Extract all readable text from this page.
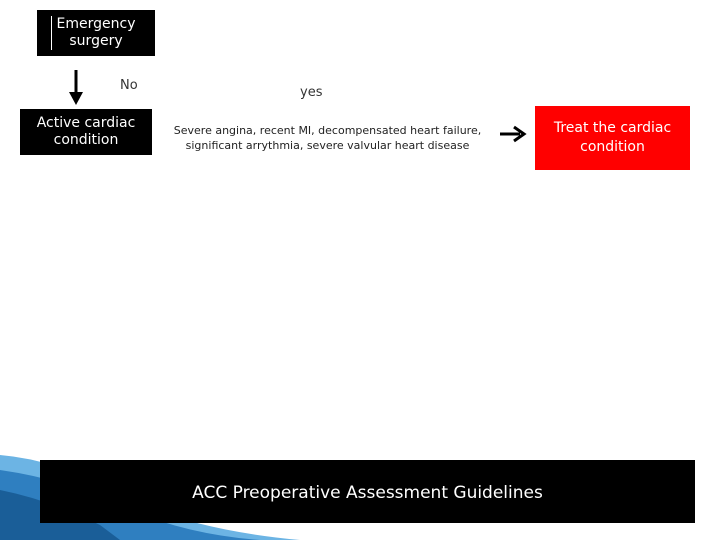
Emergency
surgery
No	yes
Active cardiac
condition
Severe angina, recent MI, decompensated heart failure,
significant arrythmia, severe valvular heart disease
Treat the cardiac
condition
ACC Preoperative Assessment Guidelines
